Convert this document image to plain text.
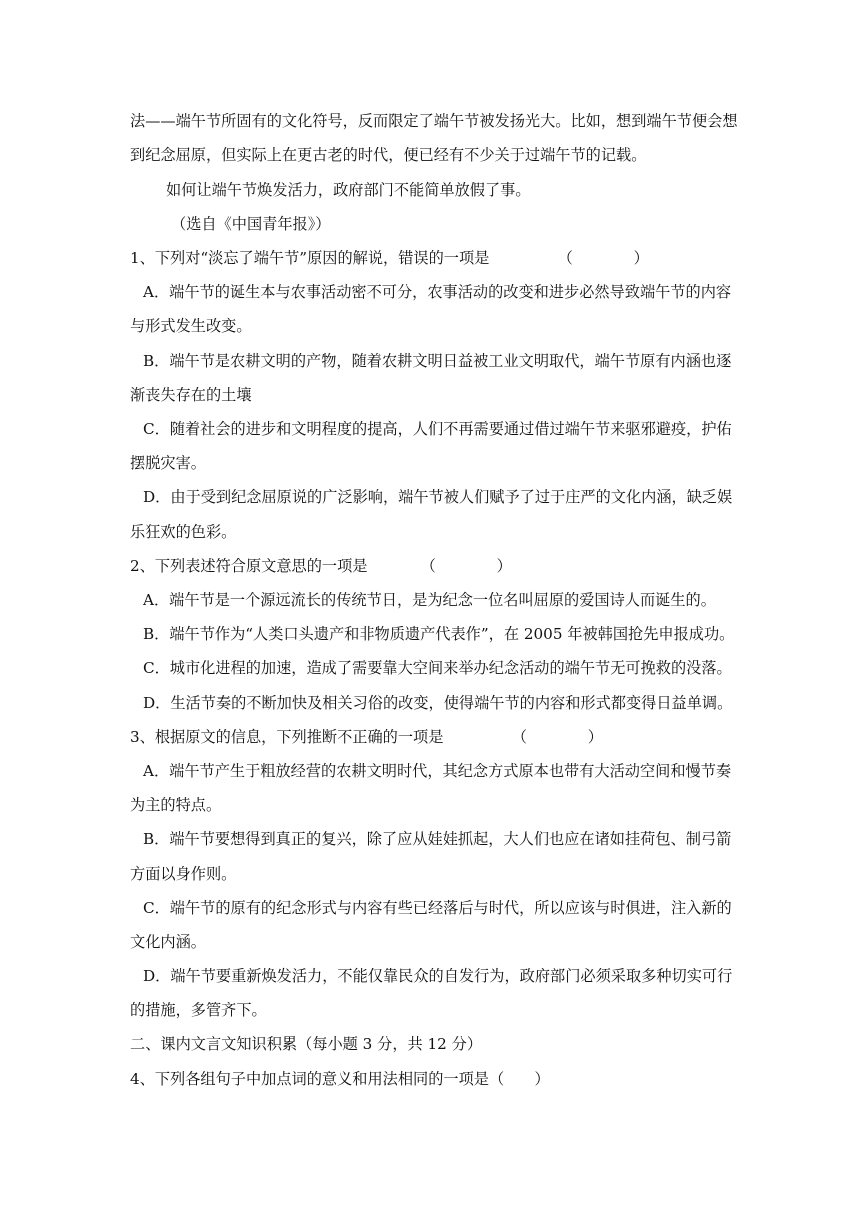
法——端午节所固有的文化符号，反而限定了端午节被发扬光大。比如，想到端午节便会想
到纪念屈原，但实际上在更古老的时代，便已经有不少关于过端午节的记载。
如何让端午节焕发活力，政府部门不能简单放假了事。
（选自《中国青年报》）
1、下列对“淡忘了端午节”原因的解说，错误的一项是　　　　　（　　　　）
A．端午节的诞生本与农事活动密不可分，农事活动的改变和进步必然导致端午节的内容
与形式发生改变。
B．端午节是农耕文明的产物，随着农耕文明日益被工业文明取代，端午节原有内涵也逐
渐丧失存在的土壤
C．随着社会的进步和文明程度的提高，人们不再需要通过借过端午节来驱邪避疫，护佑
摆脱灾害。
D．由于受到纪念屈原说的广泛影响，端午节被人们赋予了过于庄严的文化内涵，缺乏娱
乐狂欢的色彩。
2、下列表述符合原文意思的一项是　　　　（　　　　）
A．端午节是一个源远流长的传统节日，是为纪念一位名叫屈原的爱国诗人而诞生的。
B．端午节作为“人类口头遗产和非物质遗产代表作”，在 2005 年被韩国抢先申报成功。
C．城市化进程的加速，造成了需要靠大空间来举办纪念活动的端午节无可挽救的没落。
D．生活节奏的不断加快及相关习俗的改变，使得端午节的内容和形式都变得日益单调。
3、根据原文的信息，下列推断不正确的一项是　　　　　（　　　　）
A．端午节产生于粗放经营的农耕文明时代，其纪念方式原本也带有大活动空间和慢节奏
为主的特点。
B．端午节要想得到真正的复兴，除了应从娃娃抓起，大人们也应在诸如挂荷包、制弓箭
方面以身作则。
C．端午节的原有的纪念形式与内容有些已经落后与时代，所以应该与时俱进，注入新的
文化内涵。
D．端午节要重新焕发活力，不能仅靠民众的自发行为，政府部门必须采取多种切实可行
的措施，多管齐下。
二、课内文言文知识积累（每小题 3 分，共 12 分）
4、下列各组句子中加点词的意义和用法相同的一项是（　　）
